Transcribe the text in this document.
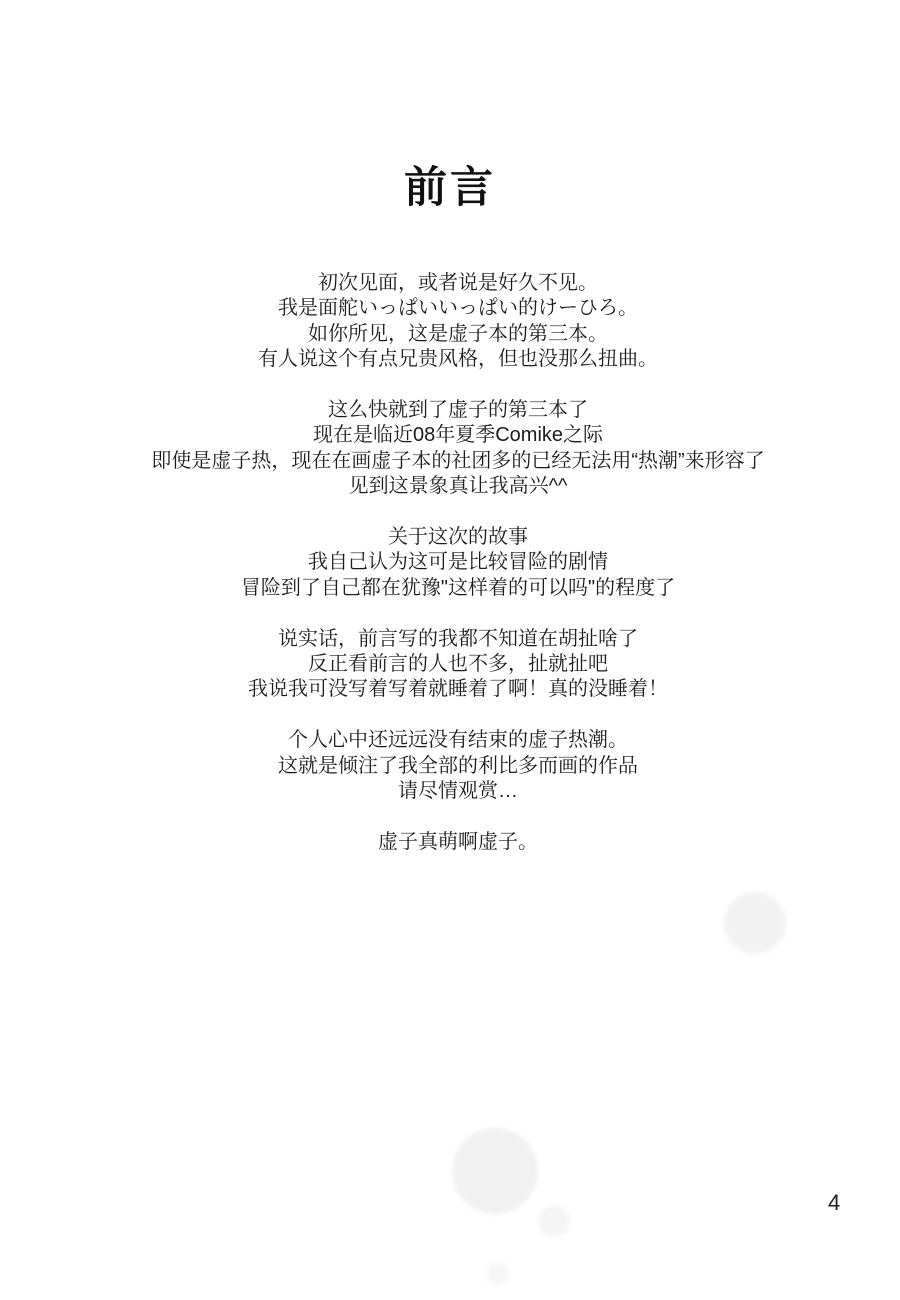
前言
初次见面，或者说是好久不见。
我是面舵いっぱいいっぱい的けーひろ。
如你所见，这是虚子本的第三本。
有人说这个有点兄贵风格，但也没那么扭曲。
这么快就到了虚子的第三本了
现在是临近08年夏季Comike之际
即使是虚子热，现在在画虚子本的社团多的已经无法用“热潮”来形容了
见到这景象真让我高兴^^
关于这次的故事
我自己认为这可是比较冒险的剧情
冒险到了自己都在犹豫"这样着的可以吗"的程度了
说实话，前言写的我都不知道在胡扯啥了
反正看前言的人也不多，扯就扯吧
我说我可没写着写着就睡着了啊！真的没睡着！
个人心中还远远没有结束的虚子热潮。
这就是倾注了我全部的利比多而画的作品
请尽情观赏…
虚子真萌啊虚子。
4
